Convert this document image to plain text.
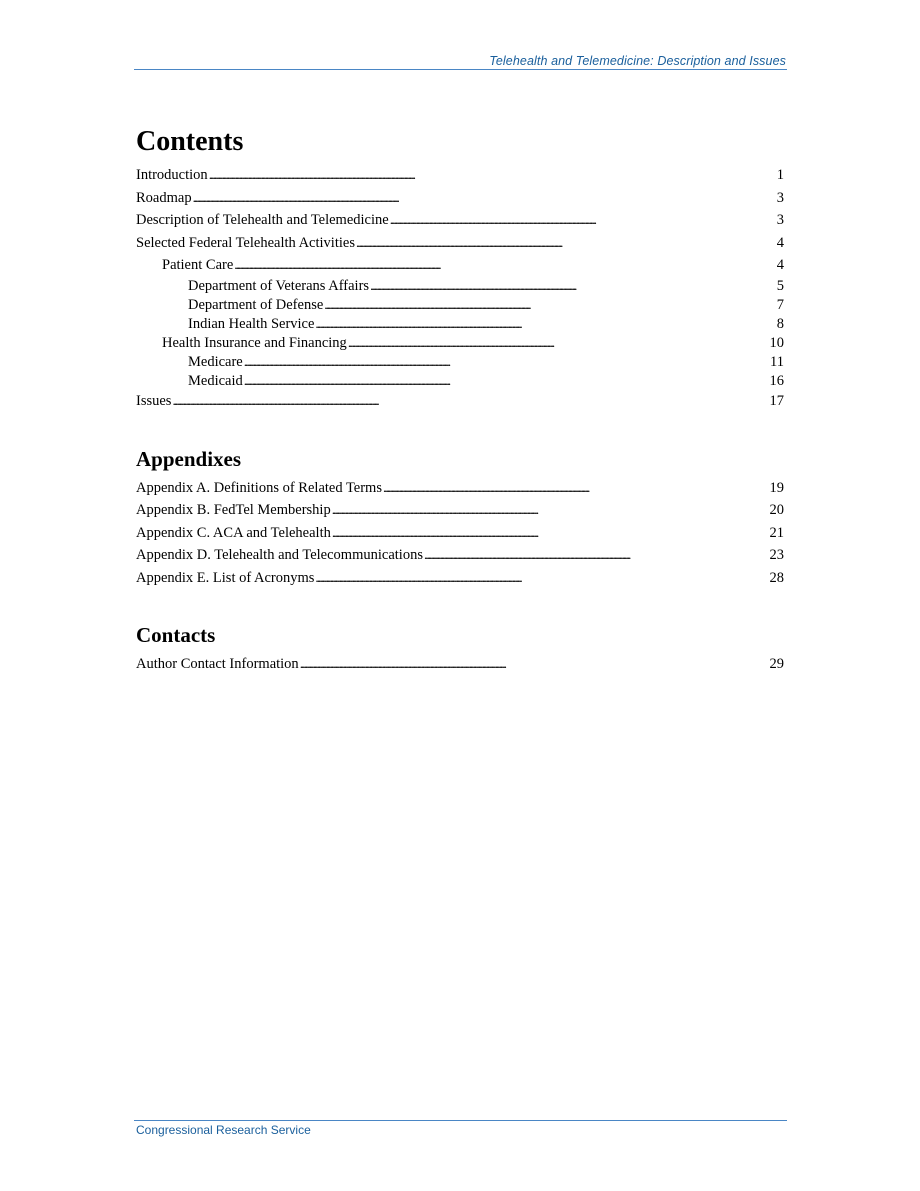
Telehealth and Telemedicine: Description and Issues
Contents
Introduction . . .	1
Roadmap . . .	3
Description of Telehealth and Telemedicine . . .	3
Selected Federal Telehealth Activities . . .	4
Patient Care . . .	4
Department of Veterans Affairs . . .	5
Department of Defense . . .	7
Indian Health Service . . .	8
Health Insurance and Financing . . .	10
Medicare . . .	11
Medicaid . . .	16
Issues . . .	17
Appendixes
Appendix A. Definitions of Related Terms . . .	19
Appendix B. FedTel Membership . . .	20
Appendix C. ACA and Telehealth . . .	21
Appendix D. Telehealth and Telecommunications . . .	23
Appendix E. List of Acronyms . . .	28
Contacts
Author Contact Information . . .	29
Congressional Research Service
